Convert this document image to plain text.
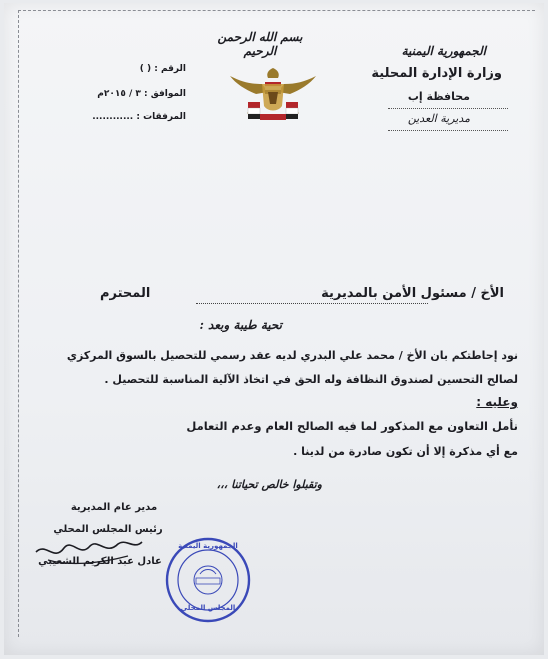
الجمهورية اليمنية
وزارة الإدارة المحلية
محافظة إب
مديرية العدين
بسم الله الرحمن الرحيم
الرقم : ( )
الموافق : ٣ / ٢٠١٥م
المرفقات : ............
الأخ / مسئول الأمن بالمديرية
المحترم
تحية طيبة وبعد :
نود إحاطتكم بان الأخ / محمد علي البدري لديه عقد رسمي للتحصيل بالسوق المركزي
لصالح التحسين لصندوق النظافة وله الحق في اتخاذ الآلية المناسبة للتحصيل .
وعليه :
نأمل التعاون مع المذكور لما فيه الصالح العام وعدم التعامل
مع أي مذكرة إلا أن تكون صادرة من لدينا .
وتقبلوا خالص تحياتنا ،،،
مدير عام المديرية
رئيس المجلس المحلي
عادل عبد الكريم الشعيبي
الجمهورية اليمنية
المجلس المحلي
